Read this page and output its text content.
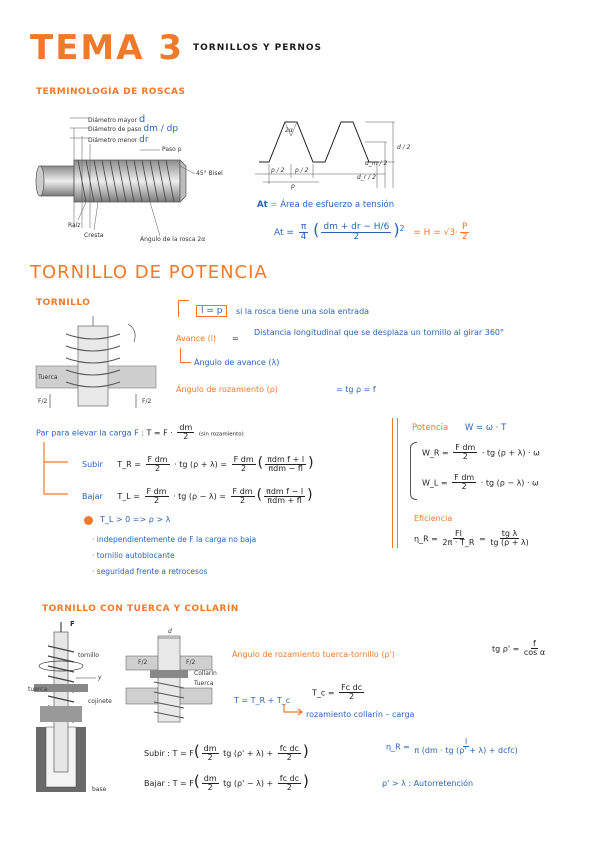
TEMA 3 TORNILLOS Y PERNOS
TERMINOLOGÍA DE ROSCAS
Diámetro mayor d
Diámetro de paso dm / dp
Diámetro menor dr
Paso p
45° Bisel
Raíz
Cresta
Ángulo de la rosca 2α
2α
p / 2 p / 2
p
d / 2
d_m / 2
d_r / 2
At = Área de esfuerzo a tensión
$At = \frac{\pi}{4}$ ( $\frac{dm + dr - H/6}{2} )^2 = H = √3\cdot \frac{P}{2}$
TORNILLO DE POTENCIA
TORNILLO
Tuerca
F/2	F/2
l = p	si la rosca tiene una sola entrada
Avance (l) =
Distancia longitudinal que se desplaza un tornillo al girar 360°
Ángulo de avance (λ)
Ángulo de rozamiento (ρ)	= tg ρ = f
Par para elevar la carga F : $T = F \cdot \frac{dm}{2} (\sin$ rozamiento)
Subir T_R = $\frac{\text{F dm}}{2}$ · tg $(\rho + \lambda) = \frac{\text{F dm}}{2}$ ( $\frac{\text{πdm f + l}}{\text{πdm − fl}}$ )
Bajar T_L = $\frac{\text{F dm}}{2}$ · tg $(\rho - \lambda) = \frac{\text{F dm}}{2}$ ( $\frac{\text{πdm f − l}}{\text{πdm + fl}}$ )
T_L > 0 => ρ > λ
· independientemente de F la carga no baja
· tornillo autoblocante
· seguridad frente a retrocesos
Potencia W = ω · T
W_R = $\frac{\text{F dm}}{2}$ · tg (ρ + λ) · ω
W_L = $\frac{\text{F dm}}{2}$ · tg (ρ − λ) · ω
Eficiencia
η_R = $\frac{Fl}{2\pi \cdot T\_R} = \frac{\text{tg λ}}{tg (\rho + \lambda)}$
TORNILLO CON TUERCA Y COLLARÍN
F
tornillo
y
tuerca
cojinete
base
d
F/2	F/2
Collarín
Tuerca
Ángulo de rozamiento tuerca-tornillo (ρ')
tg $\rho' = \frac{f}{\text{cos α}}$
T = T_R + T_c
T_c = $\frac{\text{Fc dc}}{2}$
rozamiento collarín – carga
Subir : $T = F( \frac{dm}{2}$ tg $(\rho' + \lambda) + \frac{\text{fc dc}}{2}$ )	η_R = $\frac{l}{\text{π (dm · tg (ρ' + λ) + dcfc)}}$
Bajar : $T = F( \frac{dm}{2}$ tg $(\rho' - \lambda) + \frac{\text{fc dc}}{2}$ )	ρ' > λ : Autorretención
